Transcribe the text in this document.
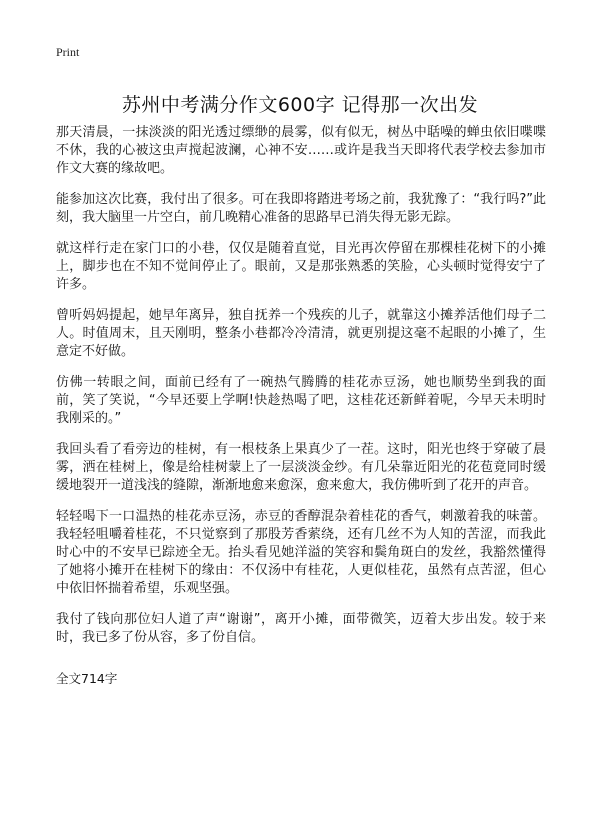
Print
苏州中考满分作文600字 记得那一次出发

那天清晨，一抹淡淡的阳光透过缥缈的晨雾，似有似无，树丛中聒噪的蝉虫依旧喋喋不休，我的心被这虫声搅起波澜，心神不安……或许是我当天即将代表学校去参加市作文大赛的缘故吧。

能参加这次比赛，我付出了很多。可在我即将踏进考场之前，我犹豫了：“我行吗?”此刻，我大脑里一片空白，前几晚精心准备的思路早已消失得无影无踪。

就这样行走在家门口的小巷，仅仅是随着直觉，目光再次停留在那棵桂花树下的小摊上，脚步也在不知不觉间停止了。眼前，又是那张熟悉的笑脸，心头顿时觉得安宁了许多。

曾听妈妈提起，她早年离异，独自抚养一个残疾的儿子，就靠这小摊养活他们母子二人。时值周末，且天刚明，整条小巷都冷冷清清，就更别提这毫不起眼的小摊了，生意定不好做。

仿佛一转眼之间，面前已经有了一碗热气腾腾的桂花赤豆汤，她也顺势坐到我的面前，笑了笑说，“今早还要上学啊!快趁热喝了吧，这桂花还新鲜着呢，今早天未明时我刚采的。”

我回头看了看旁边的桂树，有一根枝条上果真少了一茬。这时，阳光也终于穿破了晨雾，洒在桂树上，像是给桂树蒙上了一层淡淡金纱。有几朵靠近阳光的花苞竟同时缓缓地裂开一道浅浅的缝隙，渐渐地愈来愈深，愈来愈大，我仿佛听到了花开的声音。

轻轻喝下一口温热的桂花赤豆汤，赤豆的香醇混杂着桂花的香气，刺激着我的味蕾。我轻轻咀嚼着桂花，不只觉察到了那股芳香萦绕，还有几丝不为人知的苦涩，而我此时心中的不安早已踪迹全无。抬头看见她洋溢的笑容和鬓角斑白的发丝，我豁然懂得了她将小摊开在桂树下的缘由：不仅汤中有桂花，人更似桂花，虽然有点苦涩，但心中依旧怀揣着希望，乐观坚强。

我付了钱向那位妇人道了声“谢谢”，离开小摊，面带微笑，迈着大步出发。较于来时，我已多了份从容，多了份自信。

全文714字
